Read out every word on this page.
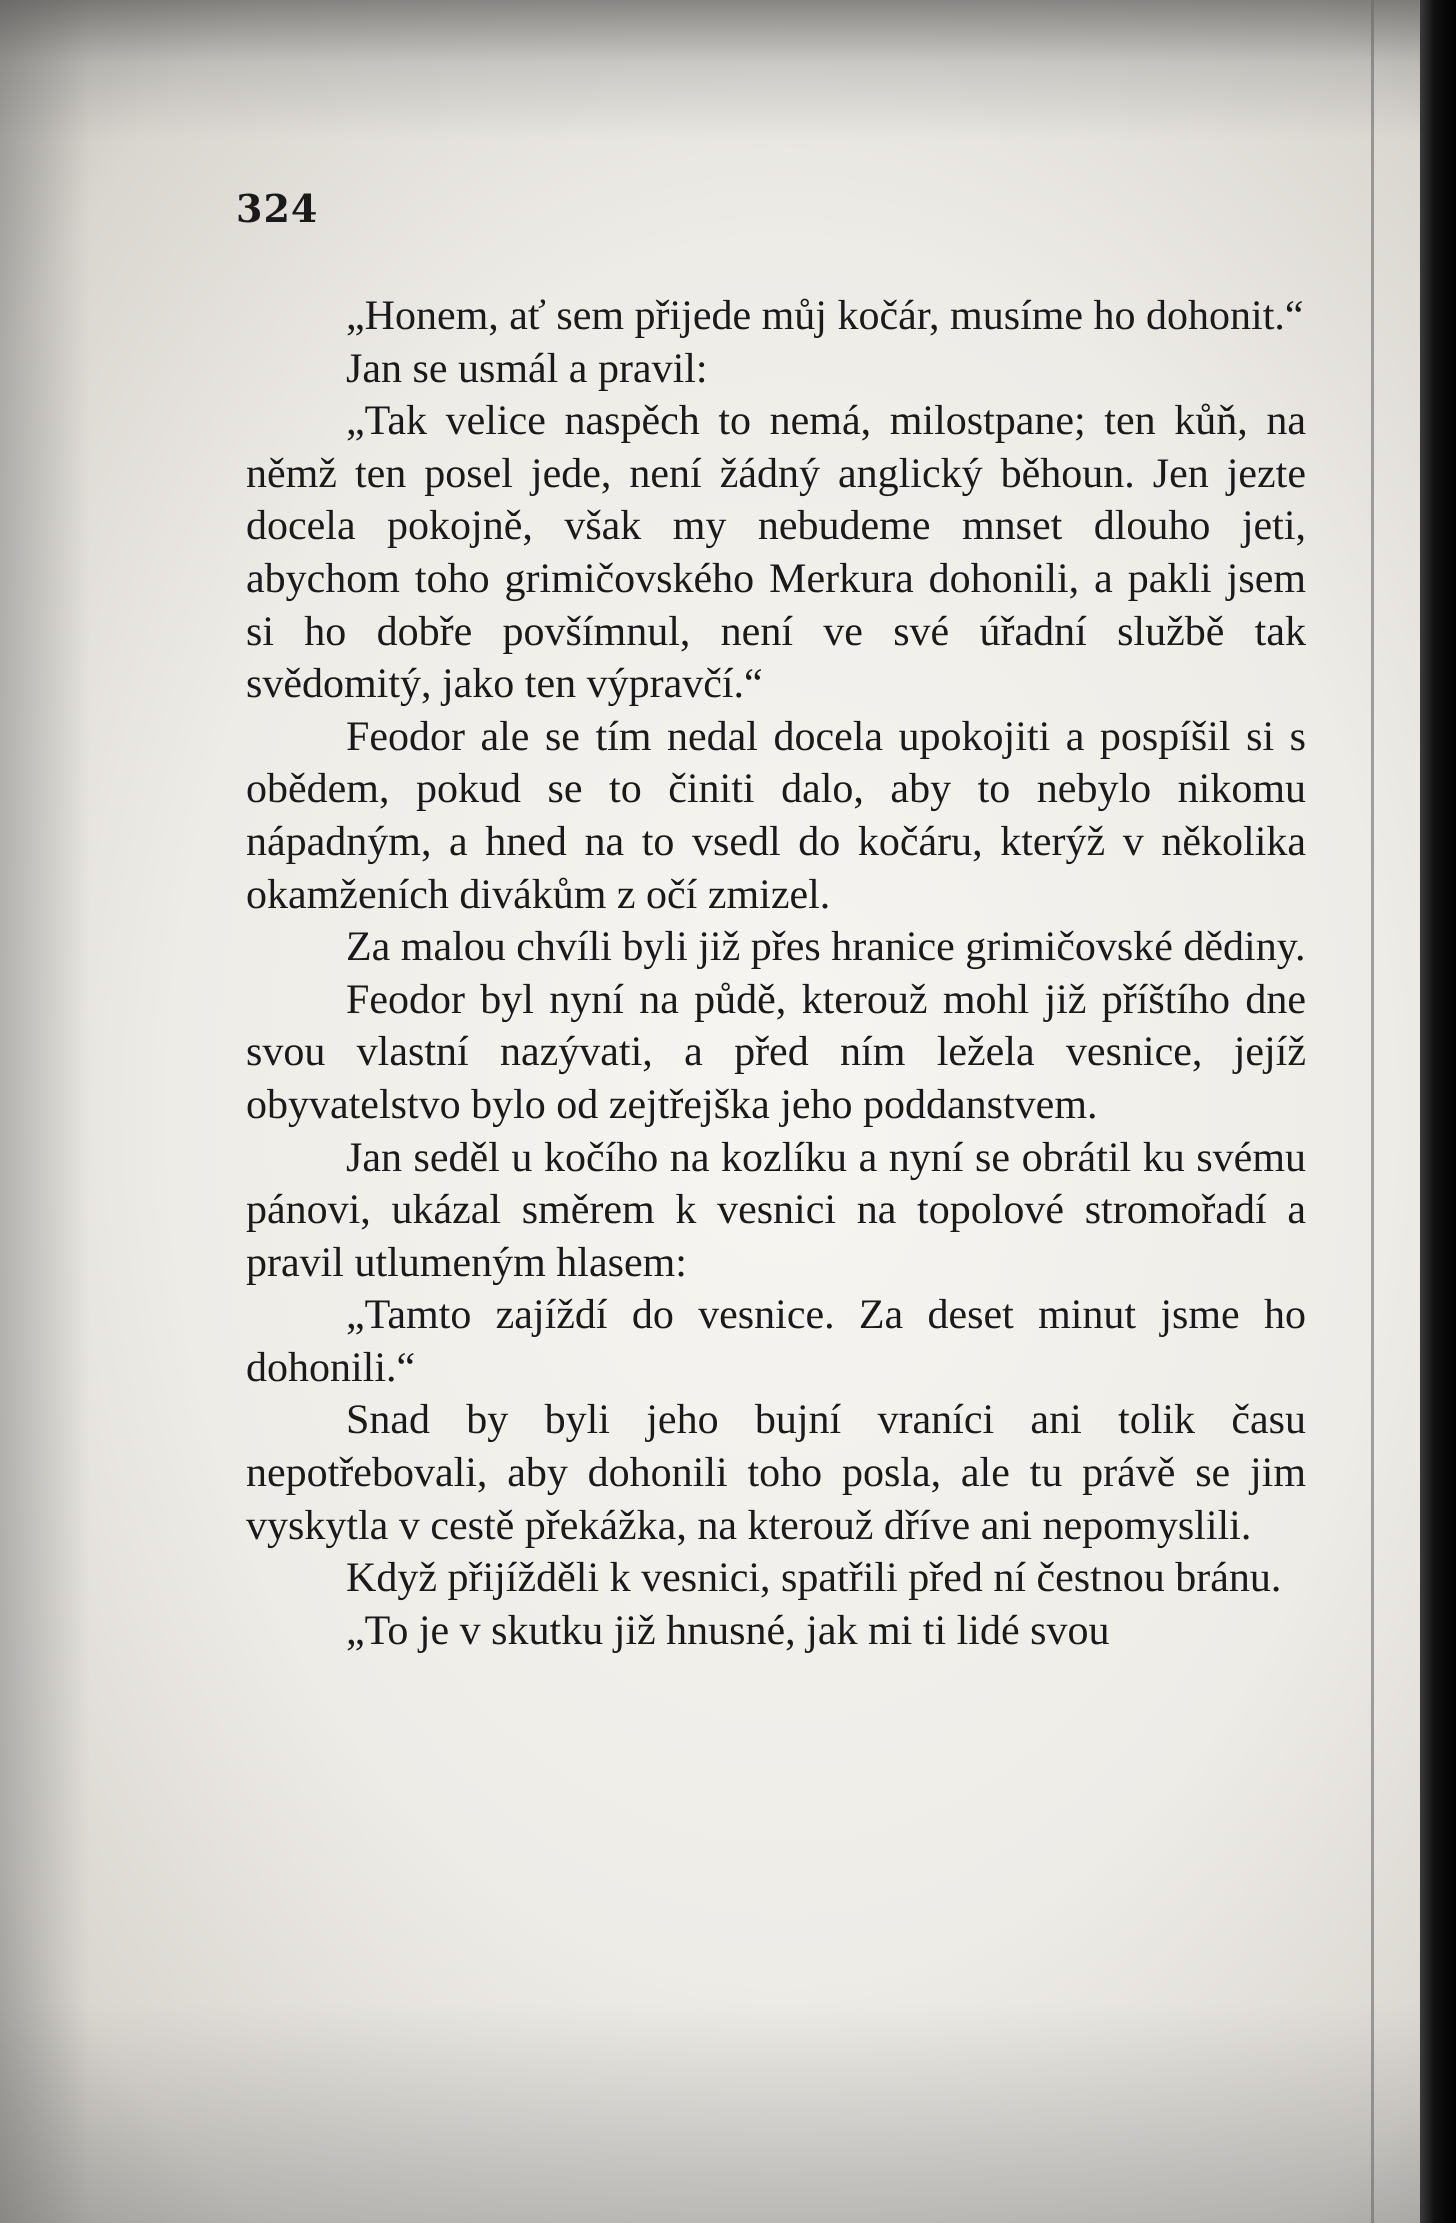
324

„Honem, ať sem přijede můj kočár, musíme ho dohonit.“

Jan se usmál a pravil:

„Tak velice naspěch to nemá, milostpane; ten kůň, na němž ten posel jede, není žádný anglický běhoun. Jen jezte docela pokojně, však my nebudeme mnset dlouho jeti, abychom toho grimičovského Merkura dohonili, a pakli jsem si ho dobře povšímnul, není ve své úřadní službě tak svědomitý, jako ten výpravčí.“

Feodor ale se tím nedal docela upokojiti a pospíšil si s obědem, pokud se to činiti dalo, aby to nebylo nikomu nápadným, a hned na to vsedl do kočáru, kterýž v několika okamženích divákům z očí zmizel.

Za malou chvíli byli již přes hranice grimičovské dědiny.

Feodor byl nyní na půdě, kterouž mohl již příštího dne svou vlastní nazývati, a před ním ležela vesnice, jejíž obyvatelstvo bylo od zejtřejška jeho poddanstvem.

Jan seděl u kočího na kozlíku a nyní se obrátil ku svému pánovi, ukázal směrem k vesnici na topolové stromořadí a pravil utlumeným hlasem:

„Tamto zajíždí do vesnice. Za deset minut jsme ho dohonili.“

Snad by byli jeho bujní vraníci ani tolik času nepotřebovali, aby dohonili toho posla, ale tu právě se jim vyskytla v cestě překážka, na kterouž dříve ani nepomyslili.

Když přijížděli k vesnici, spatřili před ní čestnou bránu.

„To je v skutku již hnusné, jak mi ti lidé svou
